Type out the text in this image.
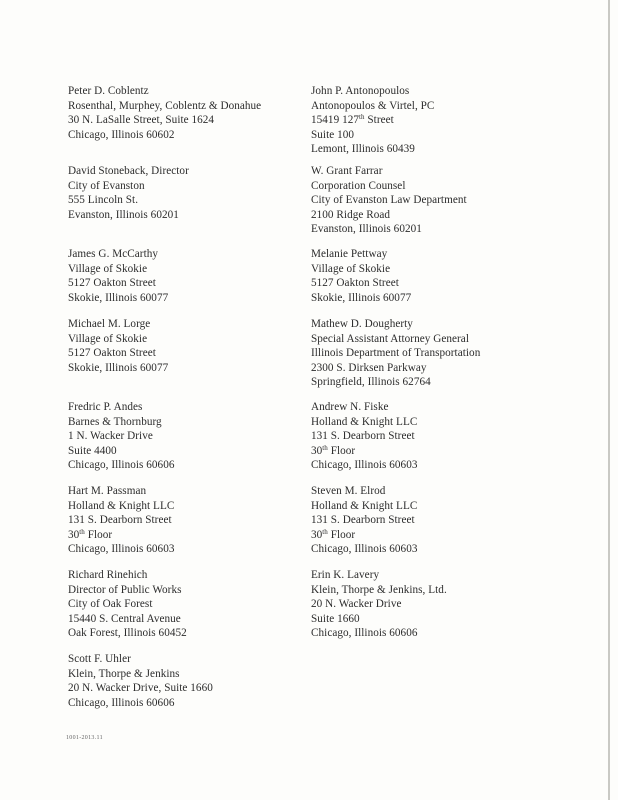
Peter D. Coblentz
Rosenthal, Murphey, Coblentz & Donahue
30 N. LaSalle Street, Suite 1624
Chicago, Illinois 60602
David Stoneback, Director
City of Evanston
555 Lincoln St.
Evanston, Illinois 60201
James G. McCarthy
Village of Skokie
5127 Oakton Street
Skokie, Illinois 60077
Michael M. Lorge
Village of Skokie
5127 Oakton Street
Skokie, Illinois 60077
Fredric P. Andes
Barnes & Thornburg
1 N. Wacker Drive
Suite 4400
Chicago, Illinois 60606
Hart M. Passman
Holland & Knight LLC
131 S. Dearborn Street
30th Floor
Chicago, Illinois 60603
Richard Rinehich
Director of Public Works
City of Oak Forest
15440 S. Central Avenue
Oak Forest, Illinois 60452
Scott F. Uhler
Klein, Thorpe & Jenkins
20 N. Wacker Drive, Suite 1660
Chicago, Illinois 60606
John P. Antonopoulos
Antonopoulos & Virtel, PC
15419 127th Street
Suite 100
Lemont, Illinois 60439
W. Grant Farrar
Corporation Counsel
City of Evanston Law Department
2100 Ridge Road
Evanston, Illinois 60201
Melanie Pettway
Village of Skokie
5127 Oakton Street
Skokie, Illinois 60077
Mathew D. Dougherty
Special Assistant Attorney General
Illinois Department of Transportation
2300 S. Dirksen Parkway
Springfield, Illinois 62764
Andrew N. Fiske
Holland & Knight LLC
131 S. Dearborn Street
30th Floor
Chicago, Illinois 60603
Steven M. Elrod
Holland & Knight LLC
131 S. Dearborn Street
30th Floor
Chicago, Illinois 60603
Erin K. Lavery
Klein, Thorpe & Jenkins, Ltd.
20 N. Wacker Drive
Suite 1660
Chicago, Illinois 60606
1001-2013.11
